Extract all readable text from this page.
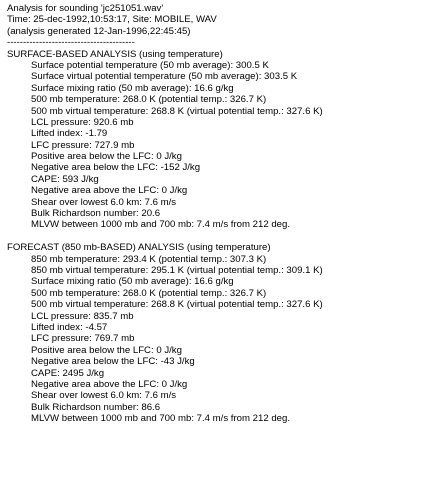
Analysis for sounding 'jc251051.wav'
Time: 25-dec-1992,10:53:17, Site: MOBILE, WAV
(analysis generated 12-Jan-1996,22:45:45)
----------------------------------------
SURFACE-BASED ANALYSIS (using temperature)
Surface potential temperature (50 mb average): 300.5 K
Surface virtual potential temperature (50 mb average): 303.5 K
Surface mixing ratio (50 mb average): 16.6 g/kg
500 mb temperature: 268.0 K (potential temp.: 326.7 K)
500 mb virtual temperature: 268.8 K (virtual potential temp.: 327.6 K)
LCL pressure: 920.6 mb
Lifted index: -1.79
LFC pressure: 727.9 mb
Positive area below the LFC: 0 J/kg
Negative area below the LFC: -152 J/kg
CAPE: 593 J/kg
Negative area above the LFC: 0 J/kg
Shear over lowest 6.0 km: 7.6 m/s
Bulk Richardson number: 20.6
MLVW between 1000 mb and 700 mb: 7.4 m/s from 212 deg.
FORECAST (850 mb-BASED) ANALYSIS (using temperature)
850 mb temperature: 293.4 K (potential temp.: 307.3 K)
850 mb virtual temperature: 295.1 K (virtual potential temp.: 309.1 K)
Surface mixing ratio (50 mb average): 16.6 g/kg
500 mb temperature: 268.0 K (potential temp.: 326.7 K)
500 mb virtual temperature: 268.8 K (virtual potential temp.: 327.6 K)
LCL pressure: 835.7 mb
Lifted index: -4.57
LFC pressure: 769.7 mb
Positive area below the LFC: 0 J/kg
Negative area below the LFC: -43 J/kg
CAPE: 2495 J/kg
Negative area above the LFC: 0 J/kg
Shear over lowest 6.0 km: 7.6 m/s
Bulk Richardson number: 86.6
MLVW between 1000 mb and 700 mb: 7.4 m/s from 212 deg.
